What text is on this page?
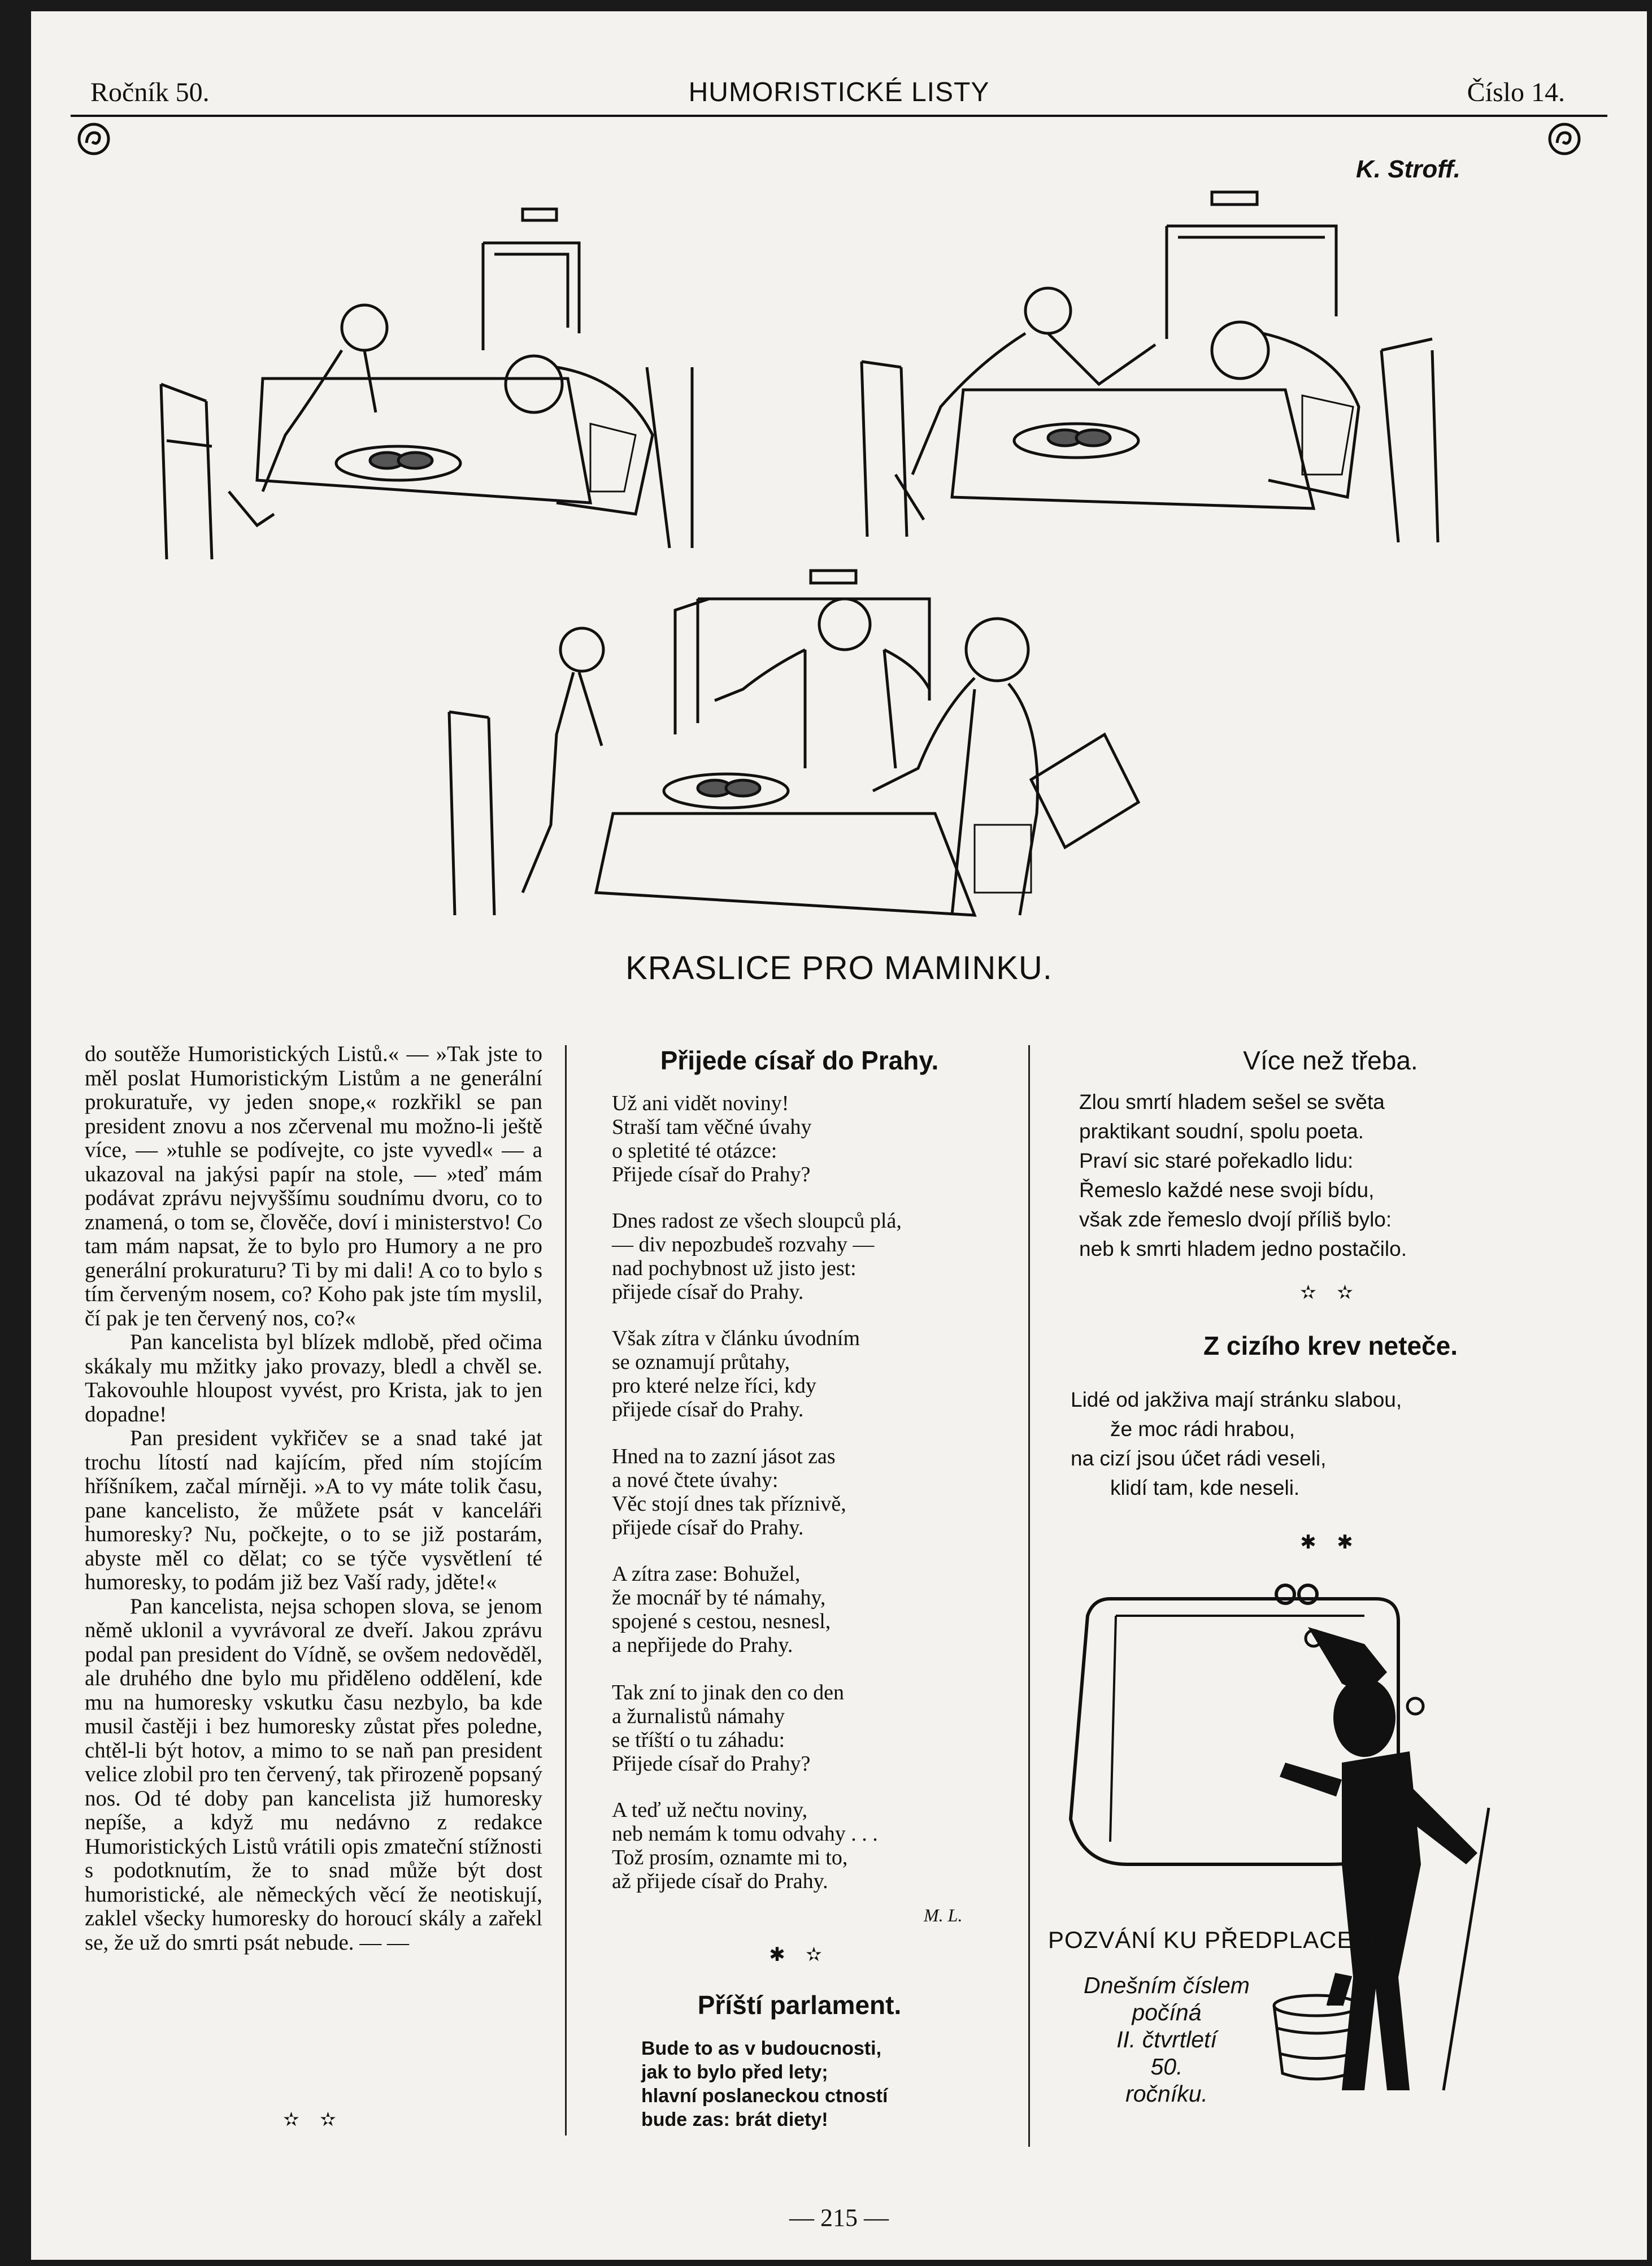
Ročník 50.	HUMORISTICKÉ LISTY	Číslo 14.
K. Stroff.
KRASLICE PRO MAMINKU.

do soutěže Humoristických Listů.« — »Tak jste to měl poslat Humoristickým Listům a ne generální prokuratuře, vy jeden snope,« rozkřikl se pan president znovu a nos zčervenal mu možno-li ještě více, — »tuhle se podívejte, co jste vyvedl« — a ukazoval na jakýsi papír na stole, — »teď mám podávat zprávu nejvyššímu soudnímu dvoru, co to znamená, o tom se, člověče, doví i ministerstvo! Co tam mám napsat, že to bylo pro Humory a ne pro generální prokuraturu? Ti by mi dali! A co to bylo s tím červeným nosem, co? Koho pak jste tím myslil, čí pak je ten červený nos, co?«

Pan kancelista byl blízek mdlobě, před očima skákaly mu mžitky jako provazy, bledl a chvěl se. Takovouhle hloupost vyvést, pro Krista, jak to jen dopadne!

Pan president vykřičev se a snad také jat trochu lítostí nad kajícím, před ním stojícím hříšníkem, začal mírněji. »A to vy máte tolik času, pane kancelisto, že můžete psát v kanceláři humoresky? Nu, počkejte, o to se již postarám, abyste měl co dělat; co se týče vysvětlení té humoresky, to podám již bez Vaší rady, jděte!«

Pan kancelista, nejsa schopen slova, se jenom němě uklonil a vyvrávoral ze dveří. Jakou zprávu podal pan president do Vídně, se ovšem nedověděl, ale druhého dne bylo mu přiděleno oddělení, kde mu na humoresky vskutku času nezbylo, ba kde musil častěji i bez humoresky zůstat přes poledne, chtěl-li být hotov, a mimo to se naň pan president velice zlobil pro ten červený, tak přirozeně popsaný nos. Od té doby pan kancelista již humoresky nepíše, a když mu nedávno z redakce Humoristických Listů vrátili opis zmateční stížnosti s podotknutím, že to snad může být dost humoristické, ale německých věcí že neotiskují, zaklel všecky humoresky do horoucí skály a zařekl se, že už do smrti psát nebude. — —

✫ ✫
Přijede císař do Prahy.
Už ani vidět noviny!
Straší tam věčné úvahy
o spletité té otázce:
Přijede císař do Prahy?
Dnes radost ze všech sloupců plá,
— div nepozbudeš rozvahy —
nad pochybnost už jisto jest:
přijede císař do Prahy.
Však zítra v článku úvodním
se oznamují průtahy,
pro které nelze říci, kdy
přijede císař do Prahy.
Hned na to zazní jásot zas
a nové čtete úvahy:
Věc stojí dnes tak příznivě,
přijede císař do Prahy.
A zítra zase: Bohužel,
že mocnář by té námahy,
spojené s cestou, nesnesl,
a nepřijede do Prahy.
Tak zní to jinak den co den
a žurnalistů námahy
se tříští o tu záhadu:
Přijede císař do Prahy?
A teď už nečtu noviny,
neb nemám k tomu odvahy . . .
Tož prosím, oznamte mi to,
až přijede císař do Prahy.
M. L.
✱ ✫
Příští parlament.
Bude to as v budoucnosti,
jak to bylo před lety;
hlavní poslaneckou ctností
bude zas: brát diety!
Více než třeba.
Zlou smrtí hladem sešel se světa
praktikant soudní, spolu poeta.
Praví sic staré pořekadlo lidu:
Řemeslo každé nese svoji bídu,
však zde řemeslo dvojí příliš bylo:
neb k smrti hladem jedno postačilo.
✫ ✫
Z cizího krev neteče.
Lidé od jakživa mají stránku slabou,
že moc rádi hrabou,
na cizí jsou účet rádi veseli,
klidí tam, kde neseli.
✱ ✱
POZVÁNÍ KU PŘEDPLACENÍ
Dnešním číslem
počíná
II. čtvrtletí
50.
ročníku.
— 215 —
